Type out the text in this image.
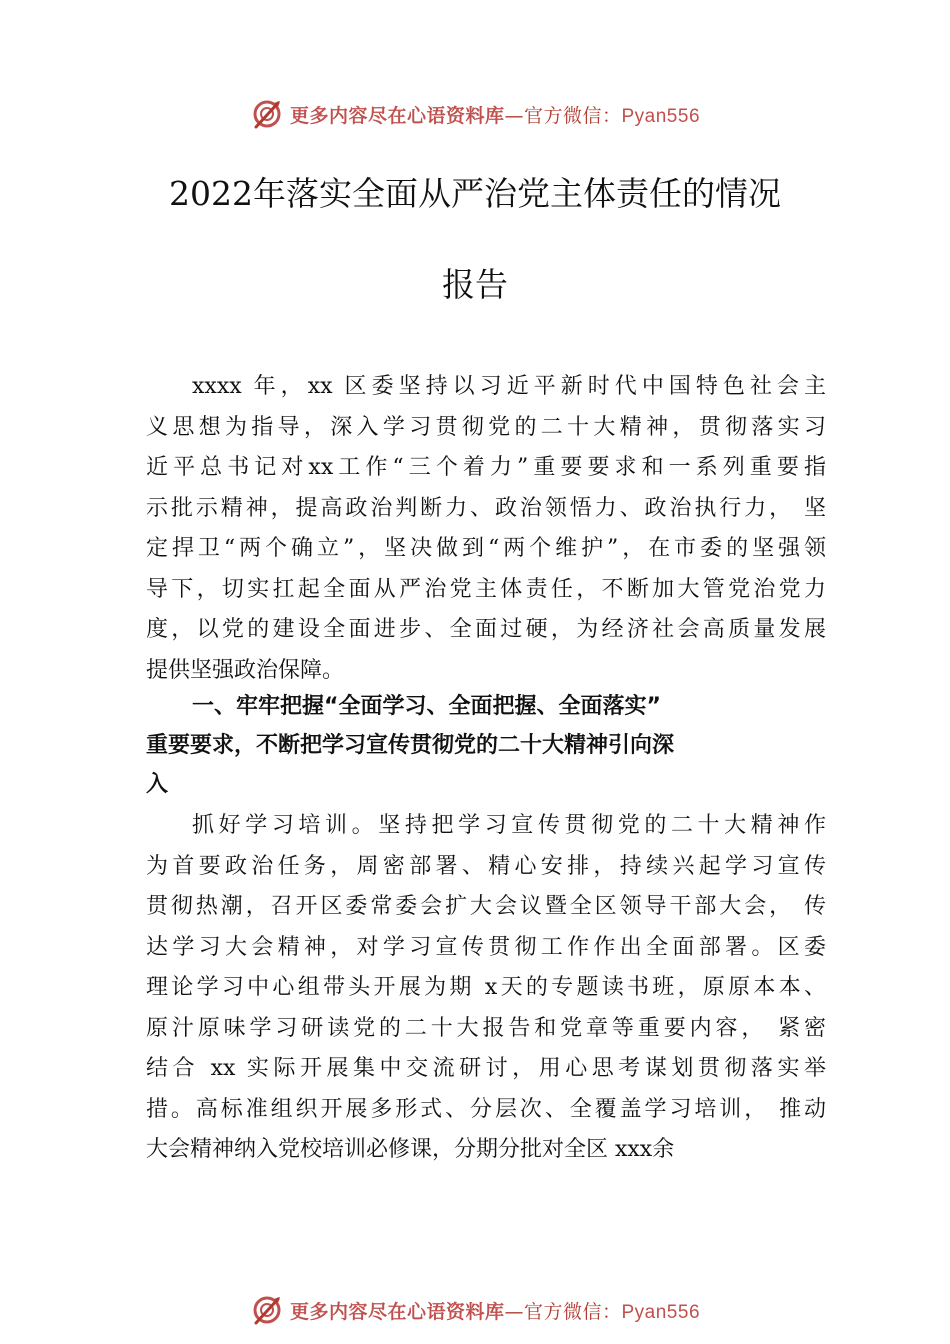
更多内容尽在心语资料库—官方微信：Pyan556
2022年落实全面从严治党主体责任的情况
报告
xxxx 年，xx 区委坚持以习近平新时代中国特色社会主
义思想为指导，深入学习贯彻党的二十大精神，贯彻落实习
近平总书记对xx工作“三个着力”重要要求和一系列重要指
示批示精神，提高政治判断力、政治领悟力、政治执行力， 坚
定捍卫“两个确立”，坚决做到“两个维护”，在市委的坚强领
导下，切实扛起全面从严治党主体责任，不断加大管党治党力
度，以党的建设全面进步、全面过硬，为经济社会高质量发展
提供坚强政治保障。
一、牢牢把握“全面学习、全面把握、全面落实”
重要要求，不断把学习宣传贯彻党的二十大精神引向深
入
抓好学习培训。坚持把学习宣传贯彻党的二十大精神作
为首要政治任务，周密部署、精心安排，持续兴起学习宣传
贯彻热潮，召开区委常委会扩大会议暨全区领导干部大会， 传
达学习大会精神，对学习宣传贯彻工作作出全面部署。区委
理论学习中心组带头开展为期 x天的专题读书班，原原本本、
原汁原味学习研读党的二十大报告和党章等重要内容， 紧密
结合 xx 实际开展集中交流研讨，用心思考谋划贯彻落实举
措。高标准组织开展多形式、分层次、全覆盖学习培训， 推动
大会精神纳入党校培训必修课，分期分批对全区 xxx余
更多内容尽在心语资料库—官方微信：Pyan556
